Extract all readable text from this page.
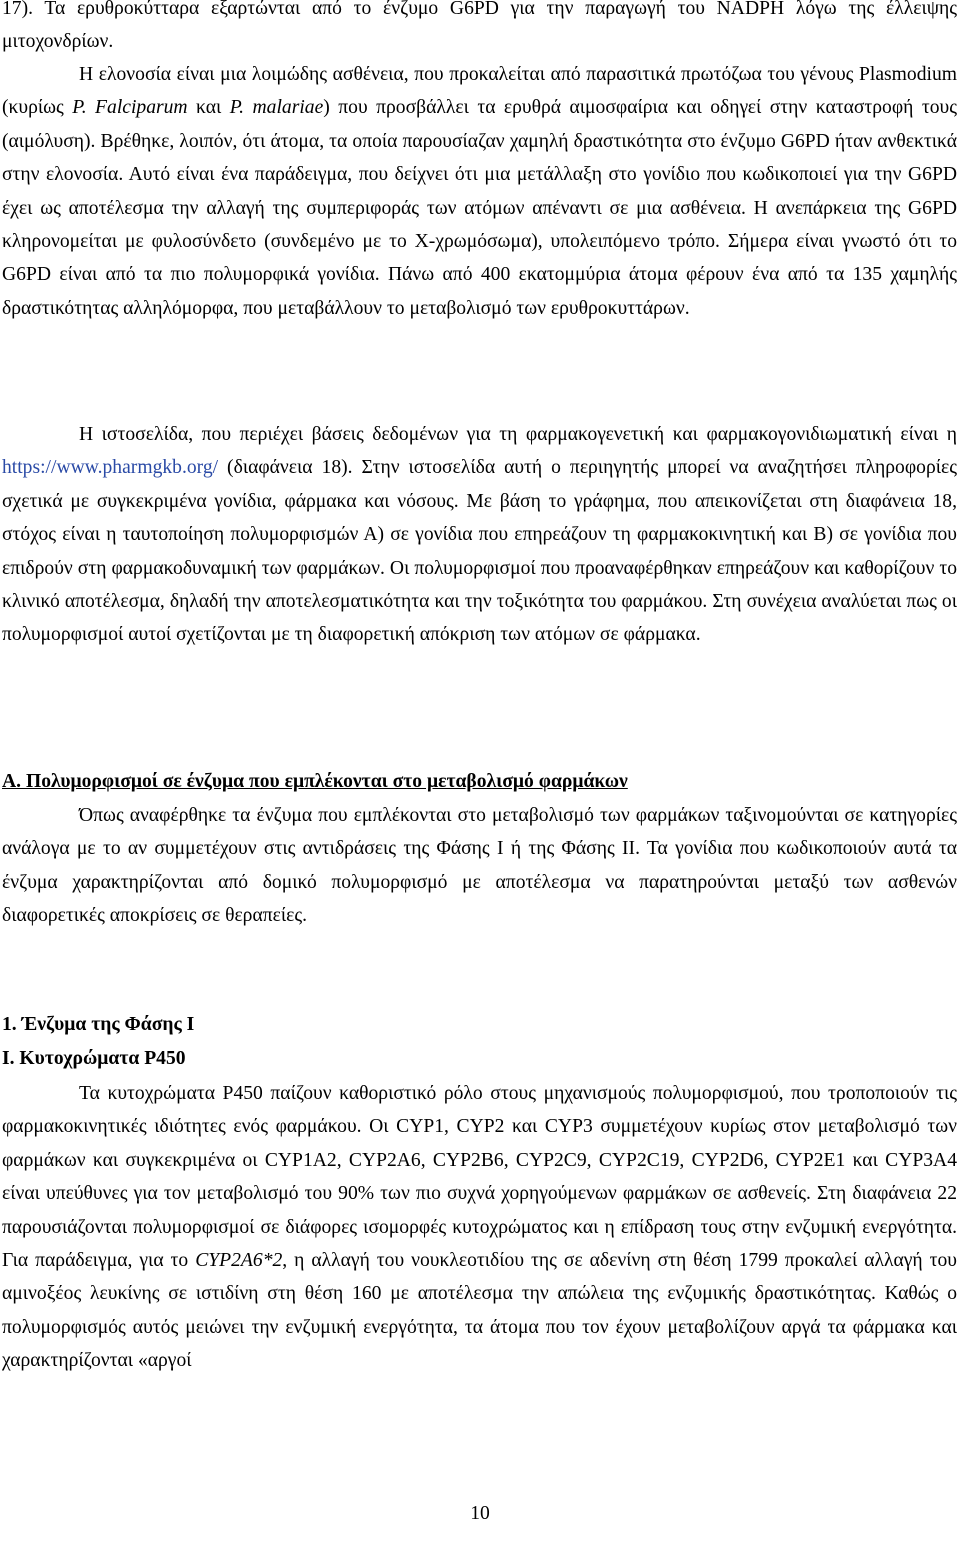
17). Τα ερυθροκύτταρα εξαρτώνται από το ένζυμο G6PD για την παραγωγή του NADPH λόγω της έλλειψης μιτοχονδρίων.

Η ελονοσία είναι μια λοιμώδης ασθένεια, που προκαλείται από παρασιτικά πρωτόζωα του γένους Plasmodium (κυρίως P. Falciparum και P. malariae) που προσβάλλει τα ερυθρά αιμοσφαίρια και οδηγεί στην καταστροφή τους (αιμόλυση). Βρέθηκε, λοιπόν, ότι άτομα, τα οποία παρουσίαζαν χαμηλή δραστικότητα στο ένζυμο G6PD ήταν ανθεκτικά στην ελονοσία. Αυτό είναι ένα παράδειγμα, που δείχνει ότι μια μετάλλαξη στο γονίδιο που κωδικοποιεί για την G6PD έχει ως αποτέλεσμα την αλλαγή της συμπεριφοράς των ατόμων απέναντι σε μια ασθένεια. Η ανεπάρκεια της G6PD κληρονομείται με φυλοσύνδετο (συνδεμένο με το Χ-χρωμόσωμα), υπολειπόμενο τρόπο. Σήμερα είναι γνωστό ότι το G6PD είναι από τα πιο πολυμορφικά γονίδια. Πάνω από 400 εκατομμύρια άτομα φέρουν ένα από τα 135 χαμηλής δραστικότητας αλληλόμορφα, που μεταβάλλουν το μεταβολισμό των ερυθροκυττάρων.

Η ιστοσελίδα, που περιέχει βάσεις δεδομένων για τη φαρμακογενετική και φαρμακογονιδιωματική είναι η https://www.pharmgkb.org/ (διαφάνεια 18). Στην ιστοσελίδα αυτή ο περιηγητής μπορεί να αναζητήσει πληροφορίες σχετικά με συγκεκριμένα γονίδια, φάρμακα και νόσους. Με βάση το γράφημα, που απεικονίζεται στη διαφάνεια 18, στόχος είναι η ταυτοποίηση πολυμορφισμών Α) σε γονίδια που επηρεάζουν τη φαρμακοκινητική και Β) σε γονίδια που επιδρούν στη φαρμακοδυναμική των φαρμάκων. Οι πολυμορφισμοί που προαναφέρθηκαν επηρεάζουν και καθορίζουν το κλινικό αποτέλεσμα, δηλαδή την αποτελεσματικότητα και την τοξικότητα του φαρμάκου. Στη συνέχεια αναλύεται πως οι πολυμορφισμοί αυτοί σχετίζονται με τη διαφορετική απόκριση των ατόμων σε φάρμακα.

Α. Πολυμορφισμοί σε ένζυμα που εμπλέκονται στο μεταβολισμό φαρμάκων

Όπως αναφέρθηκε τα ένζυμα που εμπλέκονται στο μεταβολισμό των φαρμάκων ταξινομούνται σε κατηγορίες ανάλογα με το αν συμμετέχουν στις αντιδράσεις της Φάσης Ι ή της Φάσης ΙΙ. Τα γονίδια που κωδικοποιούν αυτά τα ένζυμα χαρακτηρίζονται από δομικό πολυμορφισμό με αποτέλεσμα να παρατηρούνται μεταξύ των ασθενών διαφορετικές αποκρίσεις σε θεραπείες.

1. Ένζυμα της Φάσης Ι

Ι. Κυτοχρώματα P450

Τα κυτοχρώματα P450 παίζουν καθοριστικό ρόλο στους μηχανισμούς πολυμορφισμού, που τροποποιούν τις φαρμακοκινητικές ιδιότητες ενός φαρμάκου. Οι CYP1, CYP2 και CYP3 συμμετέχουν κυρίως στον μεταβολισμό των φαρμάκων και συγκεκριμένα οι CYP1A2, CYP2A6, CYP2B6, CYP2C9, CYP2C19, CYP2D6, CYP2E1 και CYP3A4 είναι υπεύθυνες για τον μεταβολισμό του 90% των πιο συχνά χορηγούμενων φαρμάκων σε ασθενείς. Στη διαφάνεια 22 παρουσιάζονται πολυμορφισμοί σε διάφορες ισομορφές κυτοχρώματος και η επίδραση τους στην ενζυμική ενεργότητα. Για παράδειγμα, για το CYP2A6*2, η αλλαγή του νουκλεοτιδίου της σε αδενίνη στη θέση 1799 προκαλεί αλλαγή του αμινοξέος λευκίνης σε ιστιδίνη στη θέση 160 με αποτέλεσμα την απώλεια της ενζυμικής δραστικότητας. Καθώς ο πολυμορφισμός αυτός μειώνει την ενζυμική ενεργότητα, τα άτομα που τον έχουν μεταβολίζουν αργά τα φάρμακα και χαρακτηρίζονται «αργοί

10
